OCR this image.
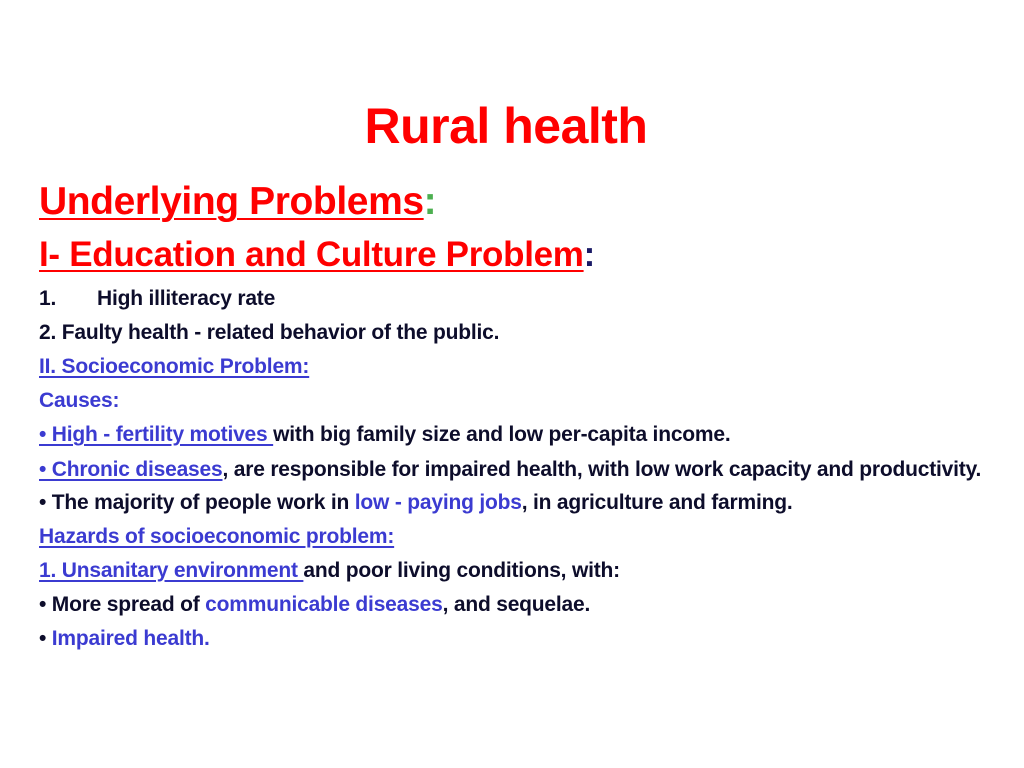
Rural health
Underlying Problems:
I- Education and Culture Problem:
1. High illiteracy rate
2. Faulty health - related behavior of the public.
II. Socioeconomic Problem:
Causes:
• High - fertility motives with big family size and low per-capita income.
• Chronic diseases, are responsible for impaired health, with low work capacity and productivity.
• The majority of people work in low - paying jobs, in agriculture and farming.
Hazards of socioeconomic problem:
1. Unsanitary environment and poor living conditions, with:
• More spread of communicable diseases, and sequelae.
• Impaired health.
